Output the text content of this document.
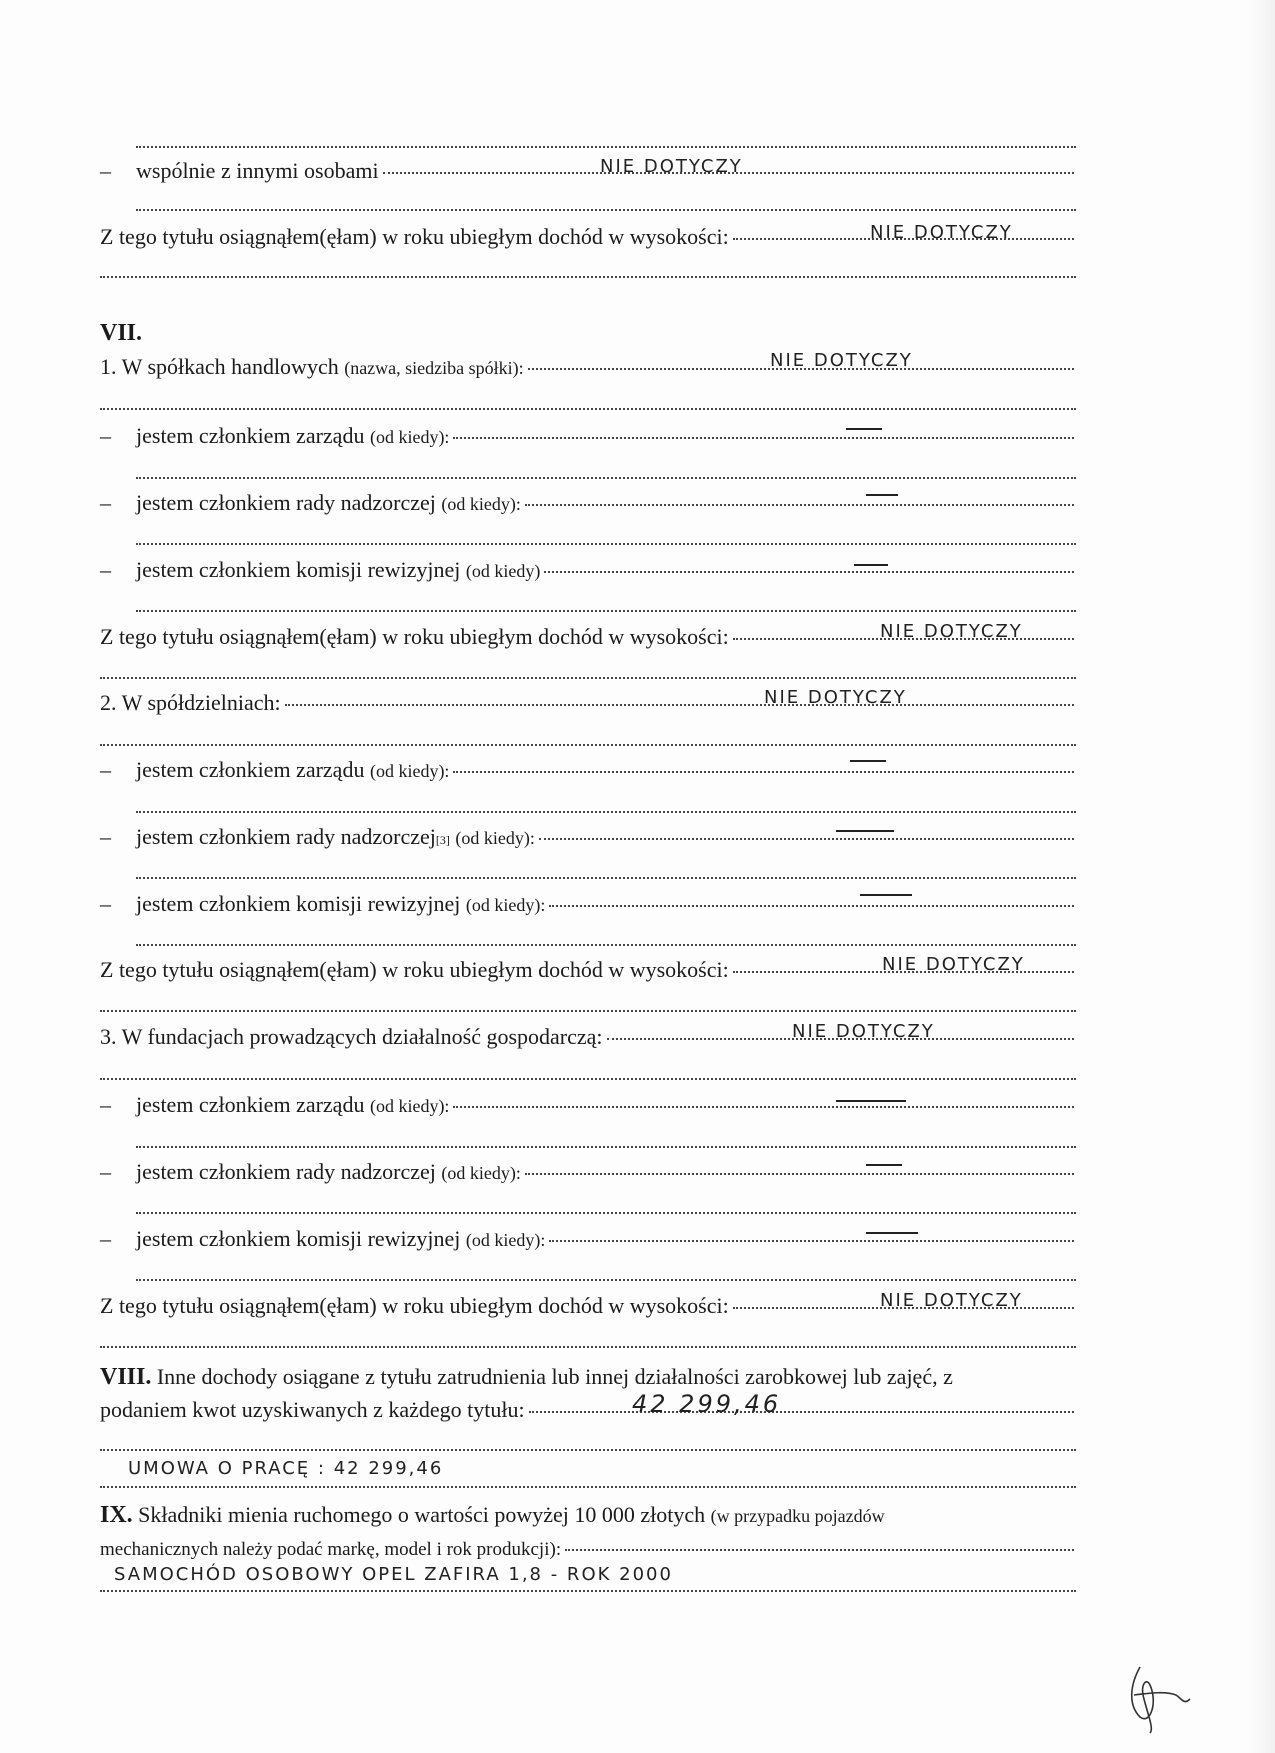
–	wspólnie z innymi osobami	NIE DOTYCZY
Z tego tytułu osiągnąłem(ęłam) w roku ubiegłym dochód w wysokości:	NIE DOTYCZY
VII.
1. W spółkach handlowych
(nazwa, siedziba spółki):	NIE DOTYCZY
–	jestem członkiem zarządu
(od kiedy):
–	jestem członkiem rady nadzorczej
(od kiedy):
–	jestem członkiem komisji rewizyjnej
(od kiedy)
Z tego tytułu osiągnąłem(ęłam) w roku ubiegłym dochód w wysokości:	NIE DOTYCZY
2. W spółdzielniach:	NIE DOTYCZY
–	jestem członkiem zarządu
(od kiedy):
–	jestem członkiem rady nadzorczej [3]
(od kiedy):
–	jestem członkiem komisji rewizyjnej
(od kiedy):
Z tego tytułu osiągnąłem(ęłam) w roku ubiegłym dochód w wysokości:	NIE DOTYCZY
3. W fundacjach prowadzących działalność gospodarczą:	NIE DOTYCZY
–	jestem członkiem zarządu
(od kiedy):
–	jestem członkiem rady nadzorczej
(od kiedy):
–	jestem członkiem komisji rewizyjnej
(od kiedy):
Z tego tytułu osiągnąłem(ęłam) w roku ubiegłym dochód w wysokości:	NIE DOTYCZY
VIII.
Inne dochody osiągane z tytułu zatrudnienia lub innej działalności zarobkowej lub zajęć, z
podaniem kwot uzyskiwanych z każdego tytułu:	42 299,46
UMOWA O PRACĘ : 42 299,46
IX.
Składniki mienia ruchomego o wartości powyżej 10 000 złotych
(w przypadku pojazdów
mechanicznych należy podać markę, model i rok produkcji):
SAMOCHÓD OSOBOWY OPEL ZAFIRA 1,8 - ROK 2000
